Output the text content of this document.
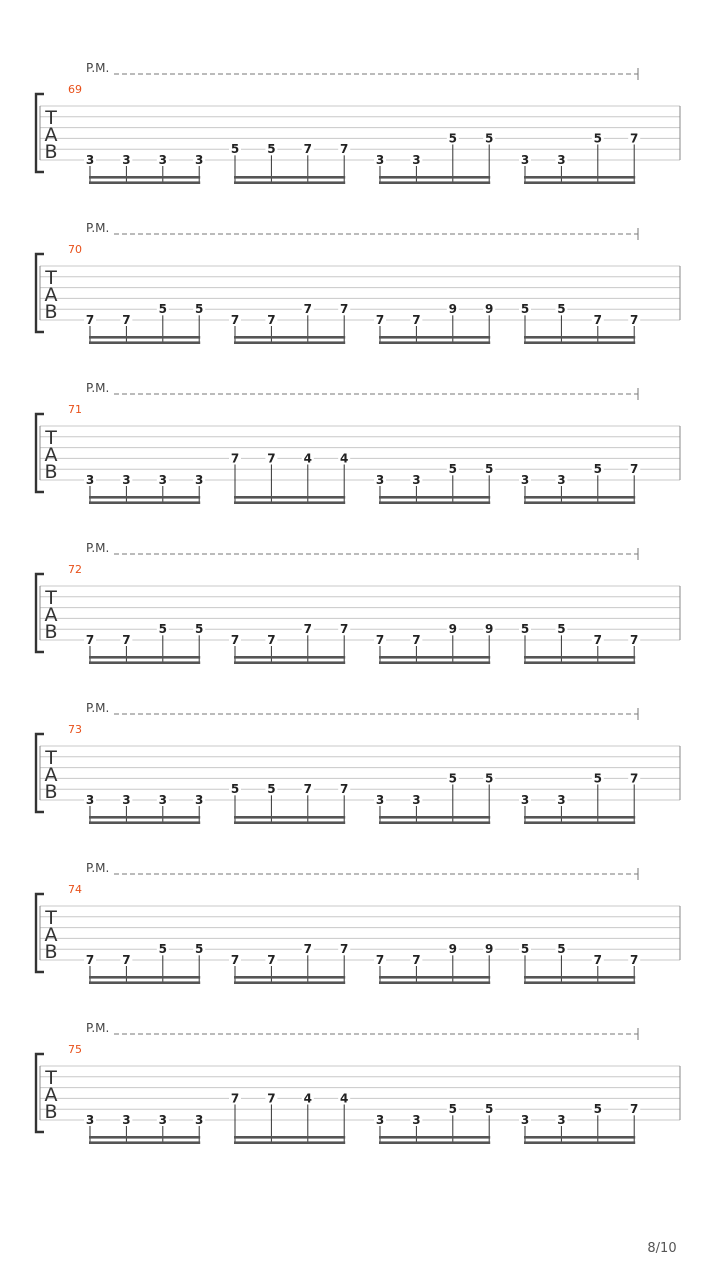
P.M.
69
T
A
B 3 3 3 3
5 5 7 7
3 3
5 5
3 3
5 7
P.M.
70
T
A
B 7 7
5 5
7 7
7 7
7 7
9 9 5 5
7 7
P.M.
71
T
A
B 3 3 3 3
7 7 4 4
3 3
5 5
3 3
5 7
P.M.
72
T
A
B 7 7
5 5
7 7
7 7
7 7
9 9 5 5
7 7
P.M.
73
T
A
B 3 3 3 3
5 5 7 7
3 3
5 5
3 3
5 7
P.M.
74
T
A
B 7 7
5 5
7 7
7 7
7 7
9 9 5 5
7 7
P.M.
75
T
A
B 3 3 3 3
7 7 4 4
3 3
5 5
3 3
5 7
8/10
